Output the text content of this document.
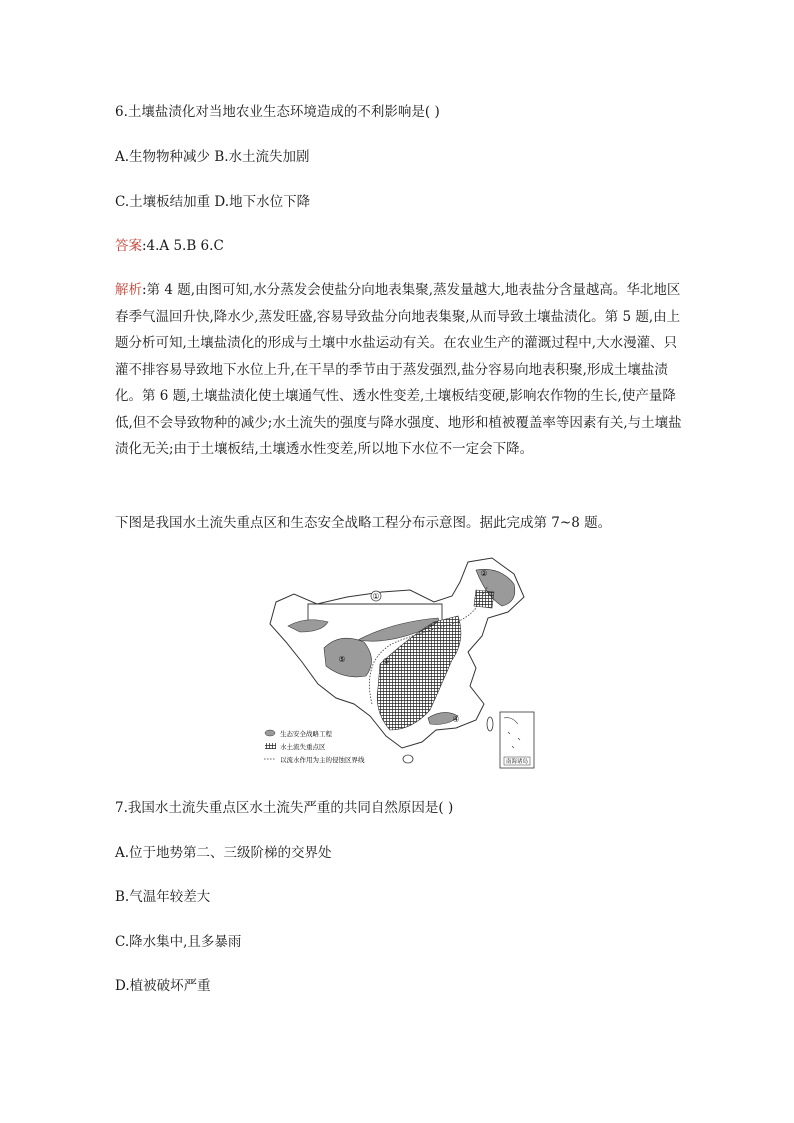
6.土壤盐渍化对当地农业生态环境造成的不利影响是( )
A.生物物种减少 B.水土流失加剧
C.土壤板结加重 D.地下水位下降
答案:4.A 5.B 6.C
解析:第 4 题,由图可知,水分蒸发会使盐分向地表集聚,蒸发量越大,地表盐分含量越高。华北地区春季气温回升快,降水少,蒸发旺盛,容易导致盐分向地表集聚,从而导致土壤盐渍化。第 5 题,由上题分析可知,土壤盐渍化的形成与土壤中水盐运动有关。在农业生产的灌溉过程中,大水漫灌、只灌不排容易导致地下水位上升,在干旱的季节由于蒸发强烈,盐分容易向地表积聚,形成土壤盐渍化。第 6 题,土壤盐渍化使土壤通气性、透水性变差,土壤板结变硬,影响农作物的生长,使产量降低,但不会导致物种的减少;水土流失的强度与降水强度、地形和植被覆盖率等因素有关,与土壤盐渍化无关;由于土壤板结,土壤透水性变差,所以地下水位不一定会下降。
下图是我国水土流失重点区和生态安全战略工程分布示意图。据此完成第 7~8 题。
①
②
③
④
⑤
生态安全战略工程
水土流失重点区
以流水作用为主的侵蚀区界线	南海诸岛
7.我国水土流失重点区水土流失严重的共同自然原因是( )
A.位于地势第二、三级阶梯的交界处
B.气温年较差大
C.降水集中,且多暴雨
D.植被破坏严重
